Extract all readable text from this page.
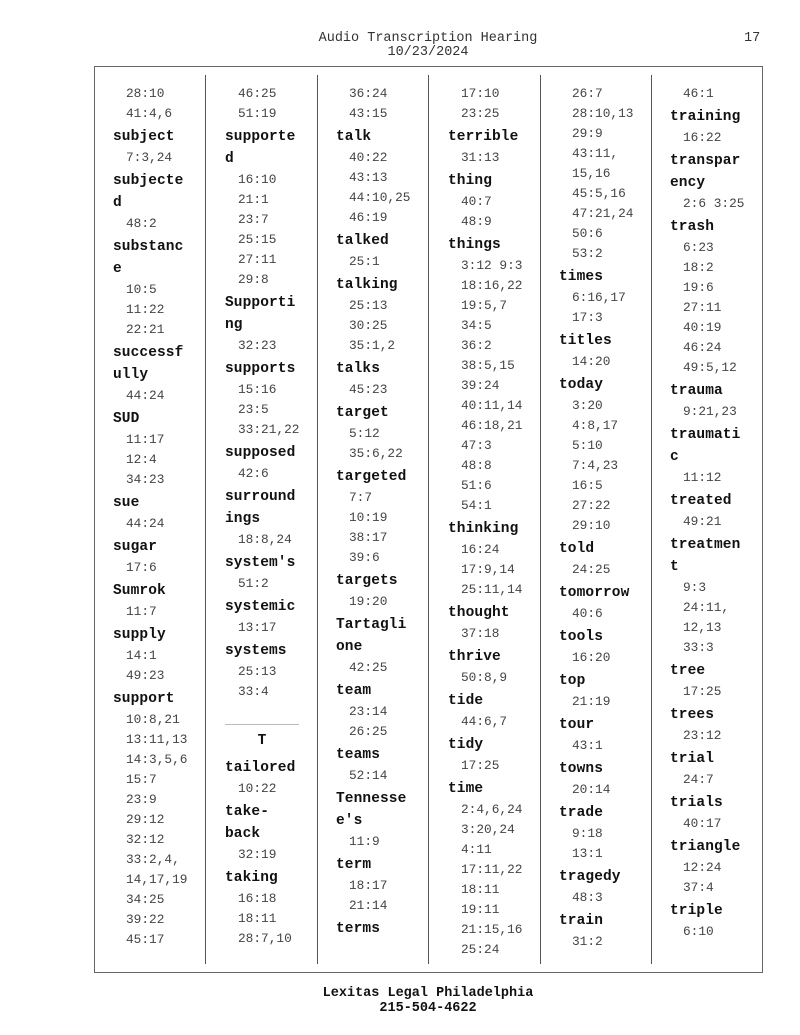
Audio Transcription Hearing
10/23/2024
17
28:10
41:4,6
subject
7:3,24
subjecte
d
48:2
substanc
e
10:5
11:22
22:21
successf
ully
44:24
SUD
11:17
12:4
34:23
sue
44:24
sugar
17:6
Sumrok
11:7
supply
14:1
49:23
support
10:8,21
13:11,13
14:3,5,6
15:7
23:9
29:12
32:12
33:2,4,
14,17,19
34:25
39:22
45:17
46:25
51:19
supporte
d
16:10
21:1
23:7
25:15
27:11
29:8
Supporti
ng
32:23
supports
15:16
23:5
33:21,22
supposed
42:6
surround
ings
18:8,24
system's
51:2
systemic
13:17
systems
25:13
33:4
T
tailored
10:22
take-
back
32:19
taking
16:18
18:11
28:7,10
36:24
43:15
talk
40:22
43:13
44:10,25
46:19
talked
25:1
talking
25:13
30:25
35:1,2
talks
45:23
target
5:12
35:6,22
targeted
7:7
10:19
38:17
39:6
targets
19:20
Tartagli
one
42:25
team
23:14
26:25
teams
52:14
Tennesse
e's
11:9
term
18:17
21:14
terms
17:10
23:25
terrible
31:13
thing
40:7
48:9
things
3:12 9:3
18:16,22
19:5,7
34:5
36:2
38:5,15
39:24
40:11,14
46:18,21
47:3
48:8
51:6
54:1
thinking
16:24
17:9,14
25:11,14
thought
37:18
thrive
50:8,9
tide
44:6,7
tidy
17:25
time
2:4,6,24
3:20,24
4:11
17:11,22
18:11
19:11
21:15,16
25:24
26:7
28:10,13
29:9
43:11,
15,16
45:5,16
47:21,24
50:6
53:2
times
6:16,17
17:3
titles
14:20
today
3:20
4:8,17
5:10
7:4,23
16:5
27:22
29:10
told
24:25
tomorrow
40:6
tools
16:20
top
21:19
tour
43:1
towns
20:14
trade
9:18
13:1
tragedy
48:3
train
31:2
46:1
training
16:22
transpar
ency
2:6 3:25
trash
6:23
18:2
19:6
27:11
40:19
46:24
49:5,12
trauma
9:21,23
traumati
c
11:12
treated
49:21
treatmen
t
9:3
24:11,
12,13
33:3
tree
17:25
trees
23:12
trial
24:7
trials
40:17
triangle
12:24
37:4
triple
6:10
Lexitas Legal Philadelphia
215-504-4622
